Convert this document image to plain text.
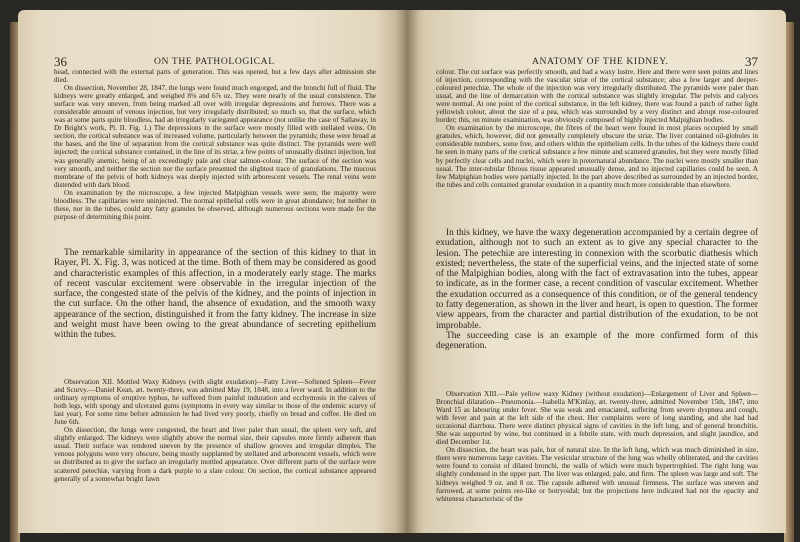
36	ON THE PATHOLOGICAL

head, connected with the external parts of generation. This was opened, but a few days after admission she died.

On dissection, November 28, 1847, the lungs were found much engorged, and the bronchi full of fluid. The kidneys were greatly enlarged, and weighed 8⅛ and 6⅞ oz. They were nearly of the usual consistence. The surface was very uneven, from being marked all over with irregular depressions and furrows. There was a considerable amount of venous injection, but very irregularly distributed; so much so, that the surface, which was at some parts quite bloodless, had an irregularly variegated appearance (not unlike the case of Sallaway, in Dr Bright's work, Pl. II. Fig. 1.) The depressions in the surface were mostly filled with stellated veins. On section, the cortical substance was of increased volume, particularly between the pyramids; these were broad at the bases, and the line of separation from the cortical substance was quite distinct. The pyramids were well injected; the cortical substance contained, in the line of its striæ, a few points of unusually distinct injection, but was generally anemic, being of an exceedingly pale and clear salmon-colour. The surface of the section was very smooth, and neither the section nor the surface presented the slightest trace of granulations. The mucous membrane of the pelvis of both kidneys was deeply injected with arborescent vessels. The renal veins were distended with dark blood.

On examination by the microscope, a few injected Malpighian vessels were seen; the majority were bloodless. The capillaries were uninjected. The normal epithelial cells were in great abundance; but neither in these, nor in the tubes, could any fatty granules be observed, although numerous sections were made for the purpose of determining this point.

The remarkable similarity in appearance of the section of this kidney to that in Rayer, Pl. X. Fig. 3, was noticed at the time. Both of them may be considered as good and characteristic examples of this affection, in a moderately early stage. The marks of recent vascular excitement were observable in the irregular injection of the surface, the congested state of the pelvis of the kidney, and the points of injection in the cut surface. On the other hand, the absence of exudation, and the smooth waxy appearance of the section, distinguished it from the fatty kidney. The increase in size and weight must have been owing to the great abundance of secreting epithelium within the tubes.

Observation XII. Mottled Waxy Kidneys (with slight exudation)—Fatty Liver—Softened Spleen—Fever and Scurvy.—Daniel Kean, æt. twenty-three, was admitted May 19, 1848, into a fever ward. In addition to the ordinary symptoms of eruptive typhus, he suffered from painful induration and ecchymosis in the calves of both legs, with spongy and ulcerated gums (symptoms in every way similar to those of the endemic scurvy of last year). For some time before admission he had lived very poorly, chiefly on bread and coffee. He died on June 6th.

On dissection, the lungs were congested, the heart and liver paler than usual, the spleen very soft, and slightly enlarged. The kidneys were slightly above the normal size, their capsules more firmly adherent than usual. Their surface was rendered uneven by the presence of shallow grooves and irregular dimples. The venous polygons were very obscure, being mostly supplanted by stellated and arborescent vessels, which were so distributed as to give the surface an irregularly mottled appearance. Over different parts of the surface were scattered petechiæ, varying from a dark purple to a slate colour. On section, the cortical substance appeared generally of a somewhat bright fawn

ANATOMY OF THE KIDNEY.	37

colour. The cut surface was perfectly smooth, and had a waxy lustre. Here and there were seen points and lines of injection, corresponding with the vascular striæ of the cortical substance; also a few larger and deeper-coloured petechiæ. The whole of the injection was very irregularly distributed. The pyramids were paler than usual, and the line of demarcation with the cortical substance was slightly irregular. The pelvis and calyces were normal. At one point of the cortical substance, in the left kidney, there was found a patch of rather light yellowish colour, about the size of a pea, which was surrounded by a very distinct and abrupt rose-coloured border; this, on minute examination, was obviously composed of highly injected Malpighian bodies.

On examination by the microscope, the fibres of the heart were found in most places occupied by small granules, which, however, did not generally completely obscure the striæ. The liver contained oil-globules in considerable numbers, some free, and others within the epithelium cells. In the tubes of the kidneys there could be seen in many parts of the cortical substance a few minute and scattered granules, but they were mostly filled by perfectly clear cells and nuclei, which were in preternatural abundance. The nuclei were mostly smaller than usual. The inter-tubular fibrous tissue appeared unusually dense, and no injected capillaries could be seen. A few Malpighian bodies were partially injected. In the part above described as surrounded by an injected border, the tubes and cells contained granular exudation in a quantity much more considerable than elsewhere.

In this kidney, we have the waxy degeneration accompanied by a certain degree of exudation, although not to such an extent as to give any special character to the lesion. The petechiæ are interesting in connexion with the scorbutic diathesis which existed; nevertheless, the state of the superficial veins, and the injected state of some of the Malpighian bodies, along with the fact of extravasation into the tubes, appear to indicate, as in the former case, a recent condition of vascular excitement. Whether the exudation occurred as a consequence of this condition, or of the general tendency to fatty degeneration, as shown in the liver and heart, is open to question. The former view appears, from the character and partial distribution of the exudation, to be not improbable.

The succeeding case is an example of the more confirmed form of this degeneration.

Observation XIII.—Pale yellow waxy Kidney (without exudation)—Enlargement of Liver and Spleen—Bronchial dilatation—Pneumonia.—Isabella M'Kinlay, æt. twenty-three, admitted November 15th, 1847, into Ward 15 as labouring under fever. She was weak and emaciated, suffering from severe dyspnœa and cough, with fever and pain at the left side of the chest. Her complaints were of long standing, and she had had occasional diarrhœa. There were distinct physical signs of cavities in the left lung, and of general bronchitis. She was supported by wine, but continued in a febrile state, with much depression, and slight jaundice, and died December 1st.

On dissection, the heart was pale, but of natural size. In the left lung, which was much diminished in size, there were numerous large cavities. The vesicular structure of the lung was wholly obliterated, and the cavities were found to consist of dilated bronchi, the walls of which were much hypertrophied. The right lung was slightly condensed in the upper part. The liver was enlarged, pale, and firm. The spleen was large and soft. The kidneys weighed 9 oz. and 8 oz. The capsule adhered with unusual firmness. The surface was uneven and furrowed, at some points reo-like or botryoidal; but the projections here indicated had not the opacity and whiteness characteristic of the
